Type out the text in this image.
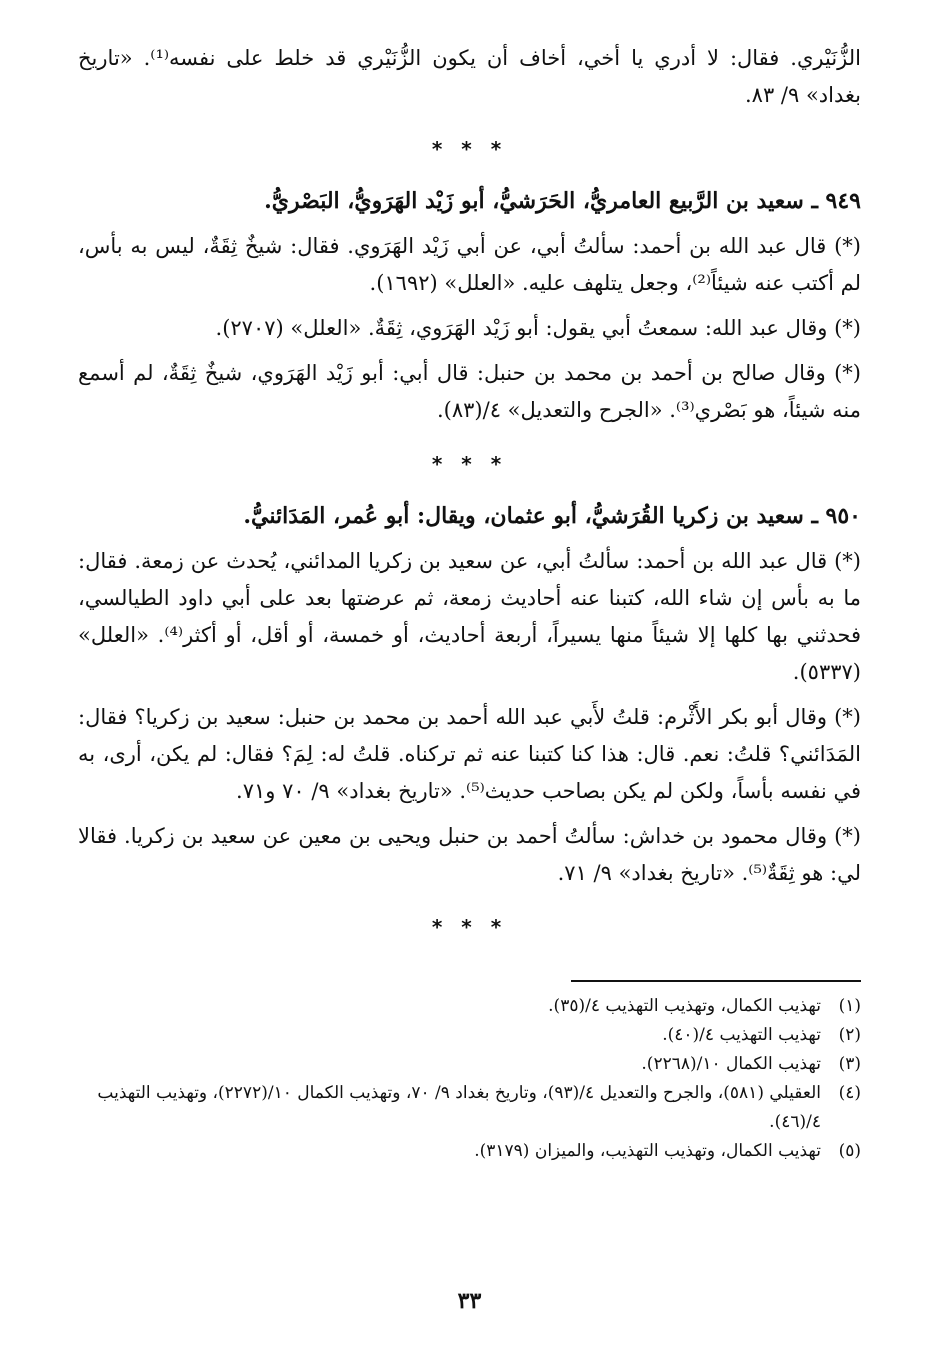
الزُّنَيْري. فقال: لا أدري يا أخي، أخاف أن يكون الزُّنَيْري قد خلط على نفسه⁽¹⁾. «تاريخ بغداد» ٩/ ٨٣.

* * *
٩٤٩ ـ سعيد بن الرَّبيع العامريُّ، الحَرَشيُّ، أبو زَيْد الهَرَويُّ، البَصْريُّ.

(*) قال عبد الله بن أحمد: سألتُ أبي، عن أبي زَيْد الهَرَوي. فقال: شيخٌ ثِقَةٌ، ليس به بأس، لم أكتب عنه شيئاً⁽²⁾، وجعل يتلهف عليه. «العلل» (١٦٩٢).

(*) وقال عبد الله: سمعتُ أبي يقول: أبو زَيْد الهَرَوي، ثِقَةٌ. «العلل» (٢٧٠٧).

(*) وقال صالح بن أحمد بن محمد بن حنبل: قال أبي: أبو زَيْد الهَرَوي، شيخٌ ثِقَةٌ، لم أسمع منه شيئاً، هو بَصْري⁽³⁾. «الجرح والتعديل» ٤/(٨٣).

* * *
٩٥٠ ـ سعيد بن زكريا القُرَشيُّ، أبو عثمان، ويقال: أبو عُمر، المَدَائنيُّ.

(*) قال عبد الله بن أحمد: سألتُ أبي، عن سعيد بن زكريا المدائني، يُحدث عن زمعة. فقال: ما به بأس إن شاء الله، كتبنا عنه أحاديث زمعة، ثم عرضتها بعد على أبي داود الطيالسي، فحدثني بها كلها إلا شيئاً منها يسيراً، أربعة أحاديث، أو خمسة، أو أقل، أو أكثر⁽⁴⁾. «العلل» (٥٣٣٧).

(*) وقال أبو بكر الأَثْرم: قلتُ لأَبي عبد الله أحمد بن محمد بن حنبل: سعيد بن زكريا؟ فقال: المَدَائني؟ قلتُ: نعم. قال: هذا كنا كتبنا عنه ثم تركناه. قلتُ له: لِمَ؟ فقال: لم يكن، أرى، به في نفسه بأساً، ولكن لم يكن بصاحب حديث⁽⁵⁾. «تاريخ بغداد» ٩/ ٧٠ و٧١.

(*) وقال محمود بن خداش: سألتُ أحمد بن حنبل ويحيى بن معين عن سعيد بن زكريا. فقالا لي: هو ثِقَةٌ⁽⁵⁾. «تاريخ بغداد» ٩/ ٧١.

* * *
(١)
تهذيب الكمال، وتهذيب التهذيب ٤/(٣٥).
(٢)
تهذيب التهذيب ٤/(٤٠).
(٣)
تهذيب الكمال ١٠/(٢٢٦٨).
(٤)
العقيلي (٥٨١)، والجرح والتعديل ٤/(٩٣)، وتاريخ بغداد ٩/ ٧٠، وتهذيب الكمال ١٠/(٢٢٧٢)، وتهذيب التهذيب ٤/(٤٦).
(٥)
تهذيب الكمال، وتهذيب التهذيب، والميزان (٣١٧٩).
٣٣
